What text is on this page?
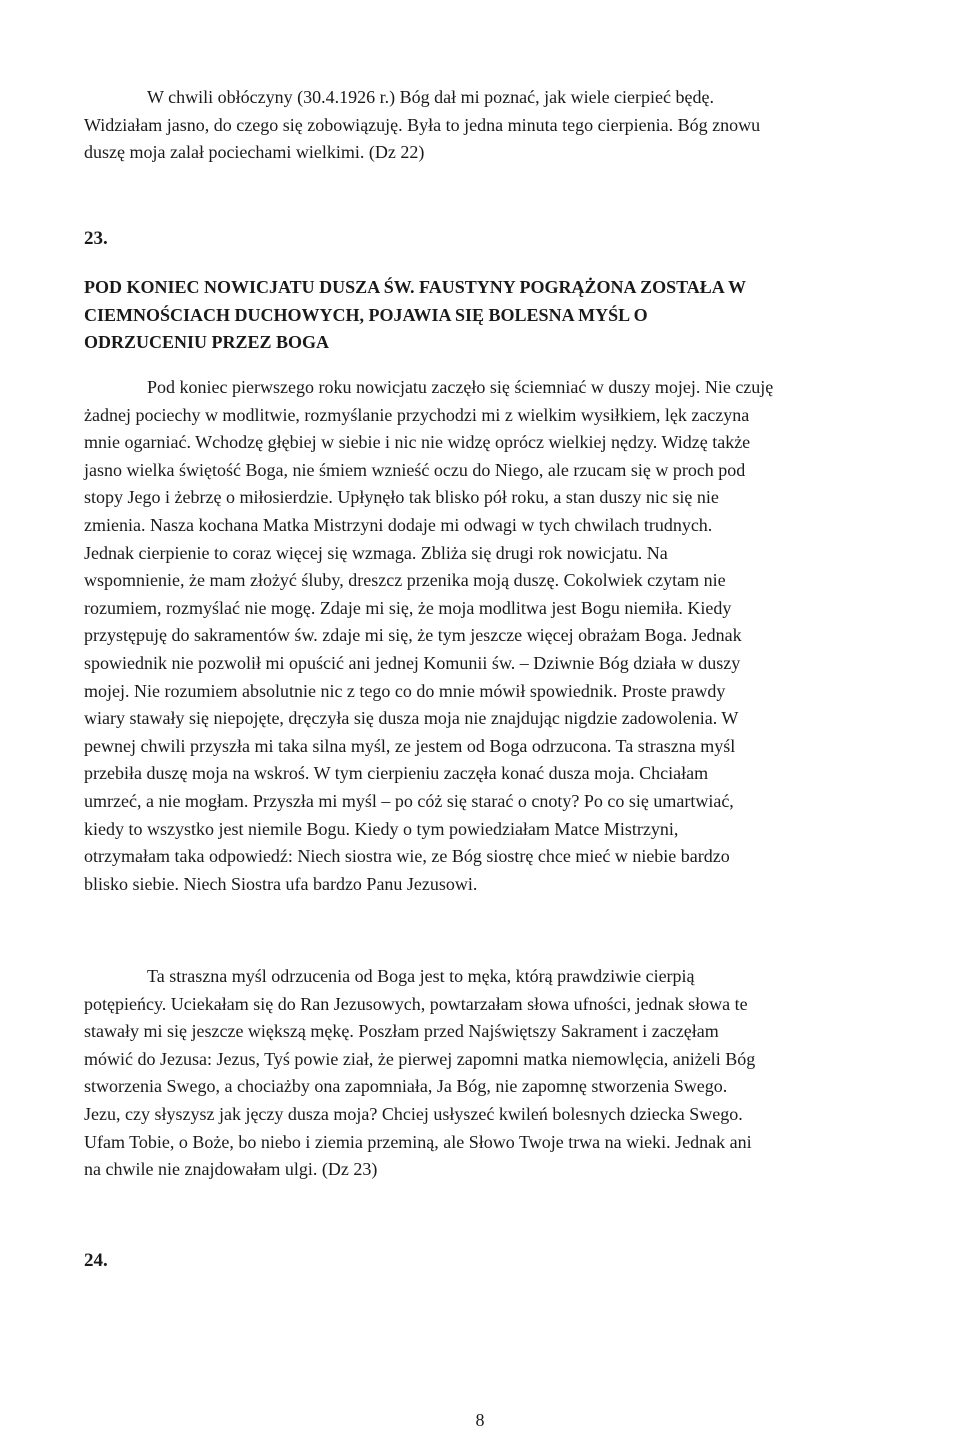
W chwili obłóczyny (30.4.1926 r.) Bóg dał mi poznać, jak wiele cierpieć będę.
Widziałam jasno, do czego się zobowiązuję. Była to jedna minuta tego cierpienia. Bóg znowu
duszę moja zalał pociechami wielkimi. (Dz 22)

23.

POD KONIEC NOWICJATU DUSZA ŚW. FAUSTYNY POGRĄŻONA ZOSTAŁA W
CIEMNOŚCIACH DUCHOWYCH, POJAWIA SIĘ BOLESNA MYŚL O
ODRZUCENIU PRZEZ BOGA

Pod koniec pierwszego roku nowicjatu zaczęło się ściemniać w duszy mojej. Nie czuję
żadnej pociechy w modlitwie, rozmyślanie przychodzi mi z wielkim wysiłkiem, lęk zaczyna
mnie ogarniać. Wchodzę głębiej w siebie i nic nie widzę oprócz wielkiej nędzy. Widzę także
jasno wielka świętość Boga, nie śmiem wznieść oczu do Niego, ale rzucam się w proch pod
stopy Jego i żebrzę o miłosierdzie. Upłynęło tak blisko pół roku, a stan duszy nic się nie
zmienia. Nasza kochana Matka Mistrzyni dodaje mi odwagi w tych chwilach trudnych.
Jednak cierpienie to coraz więcej się wzmaga. Zbliża się drugi rok nowicjatu. Na
wspomnienie, że mam złożyć śluby, dreszcz przenika moją duszę. Cokolwiek czytam nie
rozumiem, rozmyślać nie mogę. Zdaje mi się, że moja modlitwa jest Bogu niemiła. Kiedy
przystępuję do sakramentów św. zdaje mi się, że tym jeszcze więcej obrażam Boga. Jednak
spowiednik nie pozwolił mi opuścić ani jednej Komunii św. – Dziwnie Bóg działa w duszy
mojej. Nie rozumiem absolutnie nic z tego co do mnie mówił spowiednik. Proste prawdy
wiary stawały się niepojęte, dręczyła się dusza moja nie znajdując nigdzie zadowolenia. W
pewnej chwili przyszła mi taka silna myśl, ze jestem od Boga odrzucona. Ta straszna myśl
przebiła duszę moja na wskroś. W tym cierpieniu zaczęła konać dusza moja. Chciałam
umrzeć, a nie mogłam. Przyszła mi myśl – po cóż się starać o cnoty? Po co się umartwiać,
kiedy to wszystko jest niemile Bogu. Kiedy o tym powiedziałam Matce Mistrzyni,
otrzymałam taka odpowiedź: Niech siostra wie, ze Bóg siostrę chce mieć w niebie bardzo
blisko siebie. Niech Siostra ufa bardzo Panu Jezusowi.

Ta straszna myśl odrzucenia od Boga jest to męka, którą prawdziwie cierpią
potępieńcy. Uciekałam się do Ran Jezusowych, powtarzałam słowa ufności, jednak słowa te
stawały mi się jeszcze większą mękę. Poszłam przed Najświętszy Sakrament i zaczęłam
mówić do Jezusa: Jezus, Tyś powie ział, że pierwej zapomni matka niemowlęcia, aniżeli Bóg
stworzenia Swego, a chociażby ona zapomniała, Ja Bóg, nie zapomnę stworzenia Swego.
Jezu, czy słyszysz jak jęczy dusza moja? Chciej usłyszeć kwileń bolesnych dziecka Swego.
Ufam Tobie, o Boże, bo niebo i ziemia przeminą, ale Słowo Twoje trwa na wieki. Jednak ani
na chwile nie znajdowałam ulgi. (Dz 23)

24.

8
